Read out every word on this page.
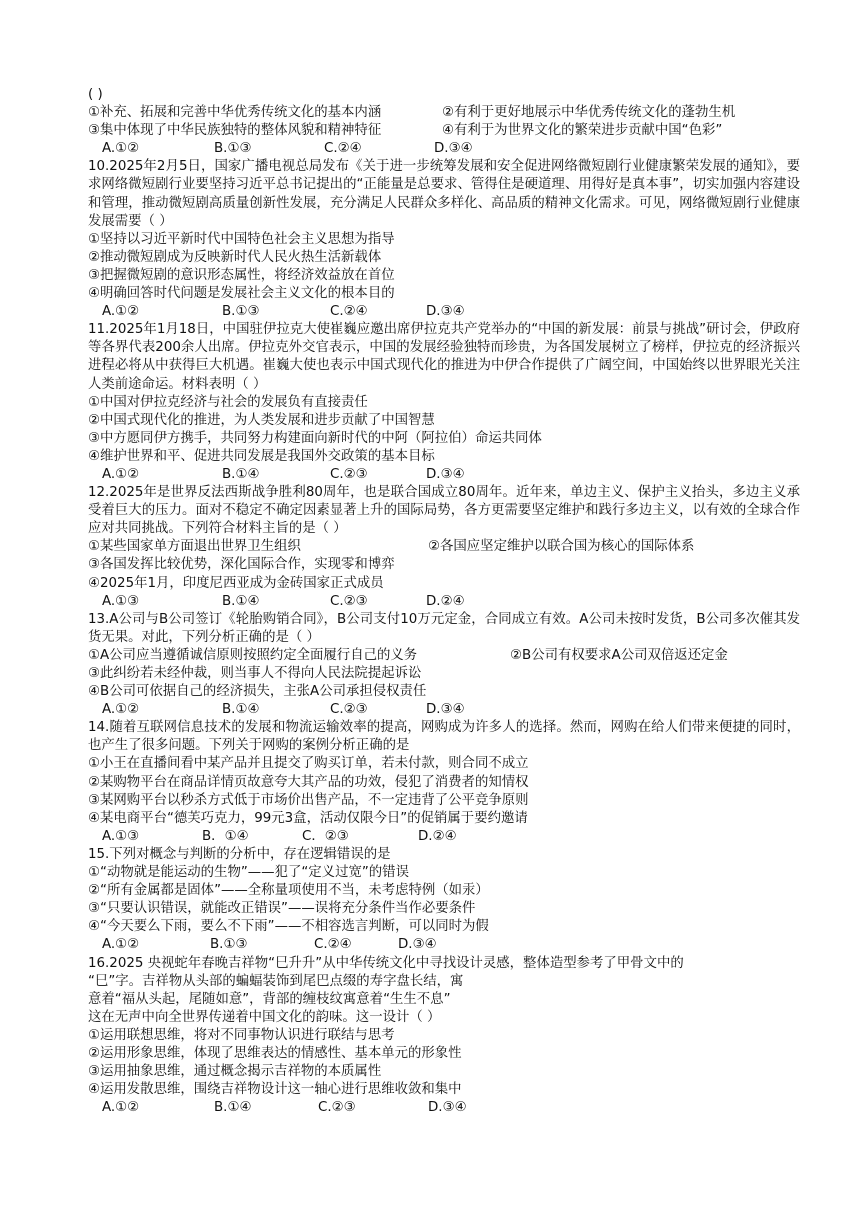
( )
①补充、拓展和完善中华优秀传统文化的基本内涵	②有利于更好地展示中华优秀传统文化的蓬勃生机
③集中体现了中华民族独特的整体风貌和精神特征	④有利于为世界文化的繁荣进步贡献中国“色彩”
A.①②	B.①③	C.②④	D.③④
10.2025年2月5日，国家广播电视总局发布《关于进一步统筹发展和安全促进网络微短剧行业健康繁荣发展的通知》，要求网络微短剧行业要坚持习近平总书记提出的“正能量是总要求、管得住是硬道理、用得好是真本事”，切实加强内容建设和管理，推动微短剧高质量创新性发展，充分满足人民群众多样化、高品质的精神文化需求。可见，网络微短剧行业健康发展需要（ ）
①坚持以习近平新时代中国特色社会主义思想为指导
②推动微短剧成为反映新时代人民火热生活新载体
③把握微短剧的意识形态属性，将经济效益放在首位
④明确回答时代问题是发展社会主义文化的根本目的
A.①②	B.①③	C.②④	D.③④
11.2025年1月18日，中国驻伊拉克大使崔巍应邀出席伊拉克共产党举办的“中国的新发展：前景与挑战”研讨会，伊政府等各界代表200余人出席。伊拉克外交官表示，中国的发展经验独特而珍贵，为各国发展树立了榜样，伊拉克的经济振兴进程必将从中获得巨大机遇。崔巍大使也表示中国式现代化的推进为中伊合作提供了广阔空间，中国始终以世界眼光关注人类前途命运。材料表明（ ）
①中国对伊拉克经济与社会的发展负有直接责任
②中国式现代化的推进，为人类发展和进步贡献了中国智慧
③中方愿同伊方携手，共同努力构建面向新时代的中阿（阿拉伯）命运共同体
④维护世界和平、促进共同发展是我国外交政策的基本目标
A.①②	B.①④	C.②③	D.③④
12.2025年是世界反法西斯战争胜利80周年，也是联合国成立80周年。近年来，单边主义、保护主义抬头，多边主义承受着巨大的压力。面对不稳定不确定因素显著上升的国际局势，各方更需要坚定维护和践行多边主义，以有效的全球合作应对共同挑战。下列符合材料主旨的是（ ）
①某些国家单方面退出世界卫生组织	②各国应坚定维护以联合国为核心的国际体系
③各国发挥比较优势，深化国际合作，实现零和博弈
④2025年1月，印度尼西亚成为金砖国家正式成员
A.①③	B.①④	C.②③	D.②④
13.A公司与B公司签订《轮胎购销合同》，B公司支付10万元定金，合同成立有效。A公司未按时发货，B公司多次催其发货无果。对此，下列分析正确的是（ ）
①A公司应当遵循诚信原则按照约定全面履行自己的义务	②B公司有权要求A公司双倍返还定金
③此纠纷若未经仲裁，则当事人不得向人民法院提起诉讼
④B公司可依据自己的经济损失，主张A公司承担侵权责任
A.①②	B.①④	C.②③	D.③④
14.随着互联网信息技术的发展和物流运输效率的提高，网购成为许多人的选择。然而，网购在给人们带来便捷的同时，也产生了很多问题。下列关于网购的案例分析正确的是
①小王在直播间看中某产品并且提交了购买订单，若未付款，则合同不成立
②某购物平台在商品详情页故意夸大其产品的功效，侵犯了消费者的知情权
③某网购平台以秒杀方式低于市场价出售产品，不一定违背了公平竞争原则
④某电商平台“德芙巧克力，99元3盒，活动仅限今日”的促销属于要约邀请
A.①③	B．①④	C．②③	D.②④
15.下列对概念与判断的分析中，存在逻辑错误的是
①“动物就是能运动的生物”——犯了“定义过宽”的错误
②“所有金属都是固体”——全称量项使用不当，未考虑特例（如汞）
③“只要认识错误，就能改正错误”——误将充分条件当作必要条件
④“今天要么下雨，要么不下雨”——不相容选言判断，可以同时为假
A.①②	B.①③	C.②④	D.③④
16.2025 央视蛇年春晚吉祥物“巳升升”从中华传统文化中寻找设计灵感，整体造型参考了甲骨文中的
“巳”字。吉祥物从头部的蝙蝠装饰到尾巴点缀的寿字盘长结，寓
意着“福从头起，尾随如意”，背部的缠枝纹寓意着“生生不息”
这在无声中向全世界传递着中国文化的韵味。这一设计（ ）
①运用联想思维，将对不同事物认识进行联结与思考
②运用形象思维，体现了思维表达的情感性、基本单元的形象性
③运用抽象思维，通过概念揭示吉祥物的本质属性
④运用发散思维，围绕吉祥物设计这一轴心进行思维收敛和集中
A.①②	B.①④	C.②③	D.③④
